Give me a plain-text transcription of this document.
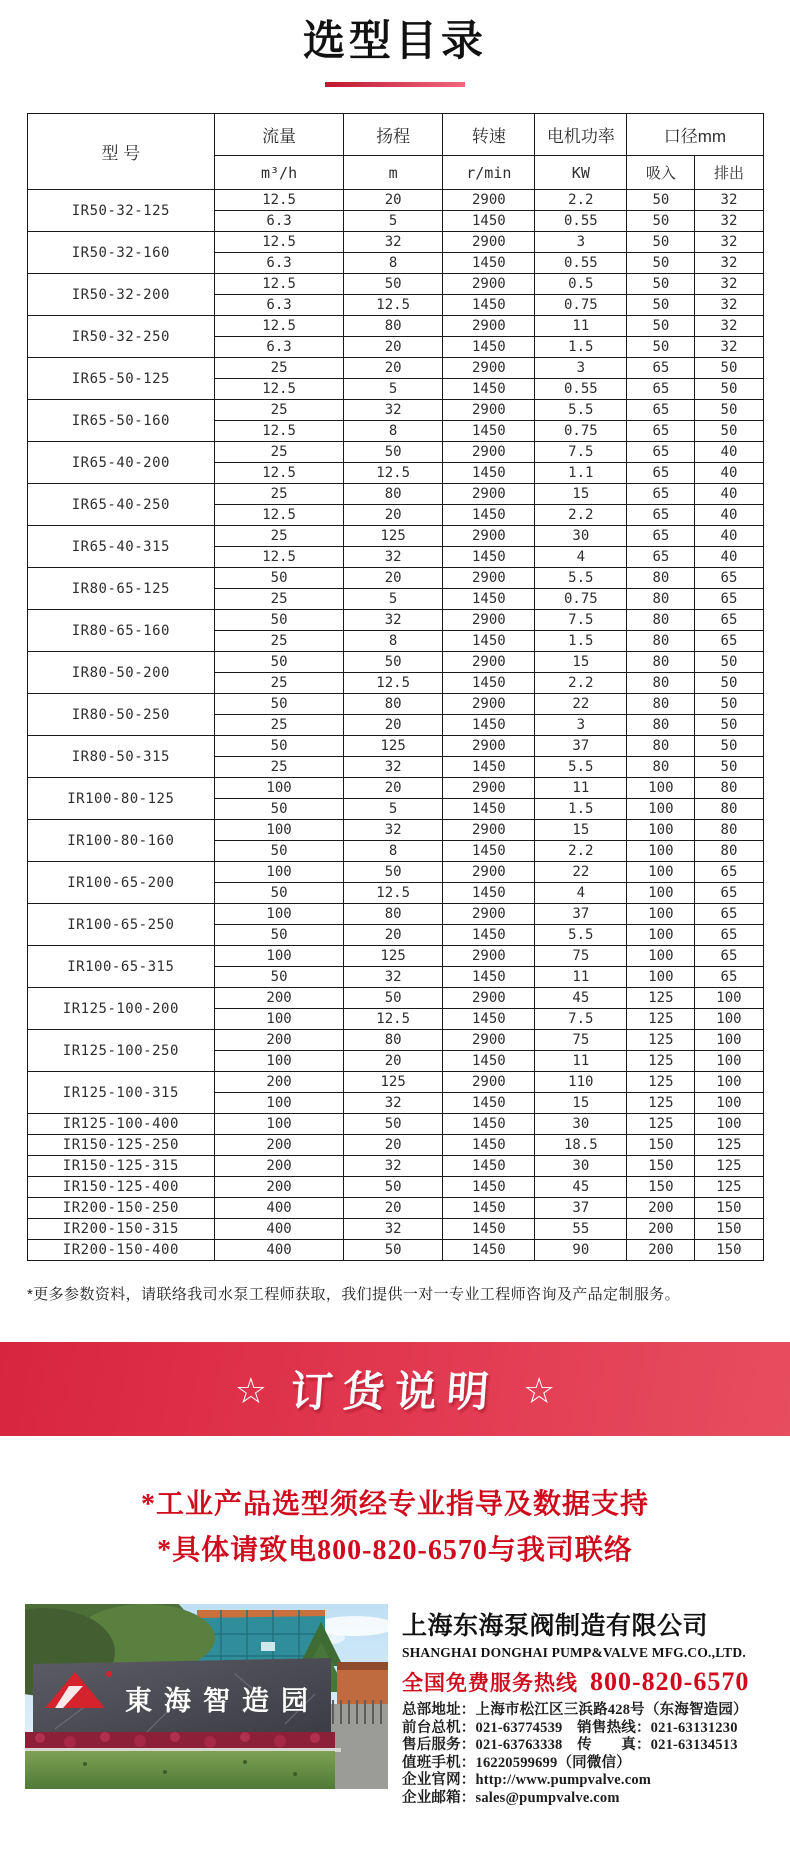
选型目录
型 号	流量	扬程	转速	电机功率	口径mm	
	m³/h	m	r/min	KW	吸入	排出
IR50-32-125	12.5	20	2900	2.2	50	32
	6.3	5	1450	0.55	50	32
IR50-32-160	12.5	32	2900	3	50	32
	6.3	8	1450	0.55	50	32
IR50-32-200	12.5	50	2900	0.5	50	32
	6.3	12.5	1450	0.75	50	32
IR50-32-250	12.5	80	2900	11	50	32
	6.3	20	1450	1.5	50	32
IR65-50-125	25	20	2900	3	65	50
	12.5	5	1450	0.55	65	50
IR65-50-160	25	32	2900	5.5	65	50
	12.5	8	1450	0.75	65	50
IR65-40-200	25	50	2900	7.5	65	40
	12.5	12.5	1450	1.1	65	40
IR65-40-250	25	80	2900	15	65	40
	12.5	20	1450	2.2	65	40
IR65-40-315	25	125	2900	30	65	40
	12.5	32	1450	4	65	40
IR80-65-125	50	20	2900	5.5	80	65
	25	5	1450	0.75	80	65
IR80-65-160	50	32	2900	7.5	80	65
	25	8	1450	1.5	80	65
IR80-50-200	50	50	2900	15	80	50
	25	12.5	1450	2.2	80	50
IR80-50-250	50	80	2900	22	80	50
	25	20	1450	3	80	50
IR80-50-315	50	125	2900	37	80	50
	25	32	1450	5.5	80	50
IR100-80-125	100	20	2900	11	100	80
	50	5	1450	1.5	100	80
IR100-80-160	100	32	2900	15	100	80
	50	8	1450	2.2	100	80
IR100-65-200	100	50	2900	22	100	65
	50	12.5	1450	4	100	65
IR100-65-250	100	80	2900	37	100	65
	50	20	1450	5.5	100	65
IR100-65-315	100	125	2900	75	100	65
	50	32	1450	11	100	65
IR125-100-200	200	50	2900	45	125	100
	100	12.5	1450	7.5	125	100
IR125-100-250	200	80	2900	75	125	100
	100	20	1450	11	125	100
IR125-100-315	200	125	2900	110	125	100
	100	32	1450	15	125	100
IR125-100-400	100	50	1450	30	125	100
IR150-125-250	200	20	1450	18.5	150	125
IR150-125-315	200	32	1450	30	150	125
IR150-125-400	200	50	1450	45	150	125
IR200-150-250	400	20	1450	37	200	150
IR200-150-315	400	32	1450	55	200	150
IR200-150-400	400	50	1450	90	200	150
*更多参数资料，请联络我司水泵工程师获取，我们提供一对一专业工程师咨询及产品定制服务。
☆ 订货说明 ☆
*工业产品选型须经专业指导及数据支持
*具体请致电800-820-6570与我司联络
東海智造园
上海东海泵阀制造有限公司
SHANGHAI DONGHAI PUMP&VALVE MFG.CO.,LTD.
全国免费服务热线 800-820-6570
总部地址：上海市松江区三浜路428号（东海智造园）
前台总机：021-63774539　销售热线：021-63131230
售后服务：021-63763338　传　　真：021-63134513
值班手机：16220599699（同微信）
企业官网：http://www.pumpvalve.com
企业邮箱：sales@pumpvalve.com
